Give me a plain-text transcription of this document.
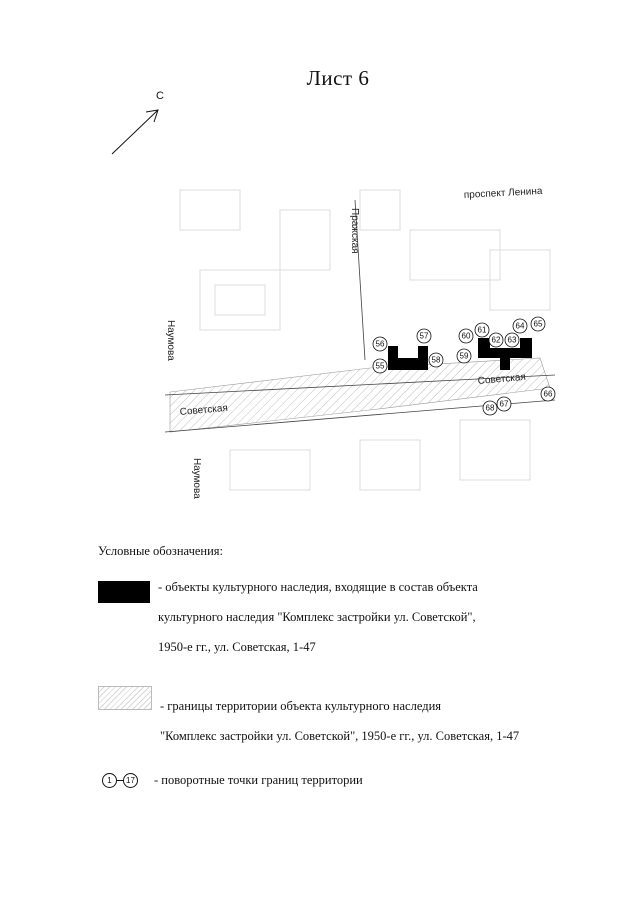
Лист 6
С
проспект Ленина
Пражская
Советская
Советская
Наумова
Наумова
55
56
57
58 59
60
61
62 63
64 65
66
67
68
Условные обозначения:

- объекты культурного наследия, входящие в состав объекта

культурного наследия "Комплекс застройки ул. Советской",

1950-е гг., ул. Советская, 1-47

- границы территории объекта культурного наследия

"Комплекс застройки ул. Советской", 1950-е гг., ул. Советская, 1-47

1	17 - поворотные точки границ территории
